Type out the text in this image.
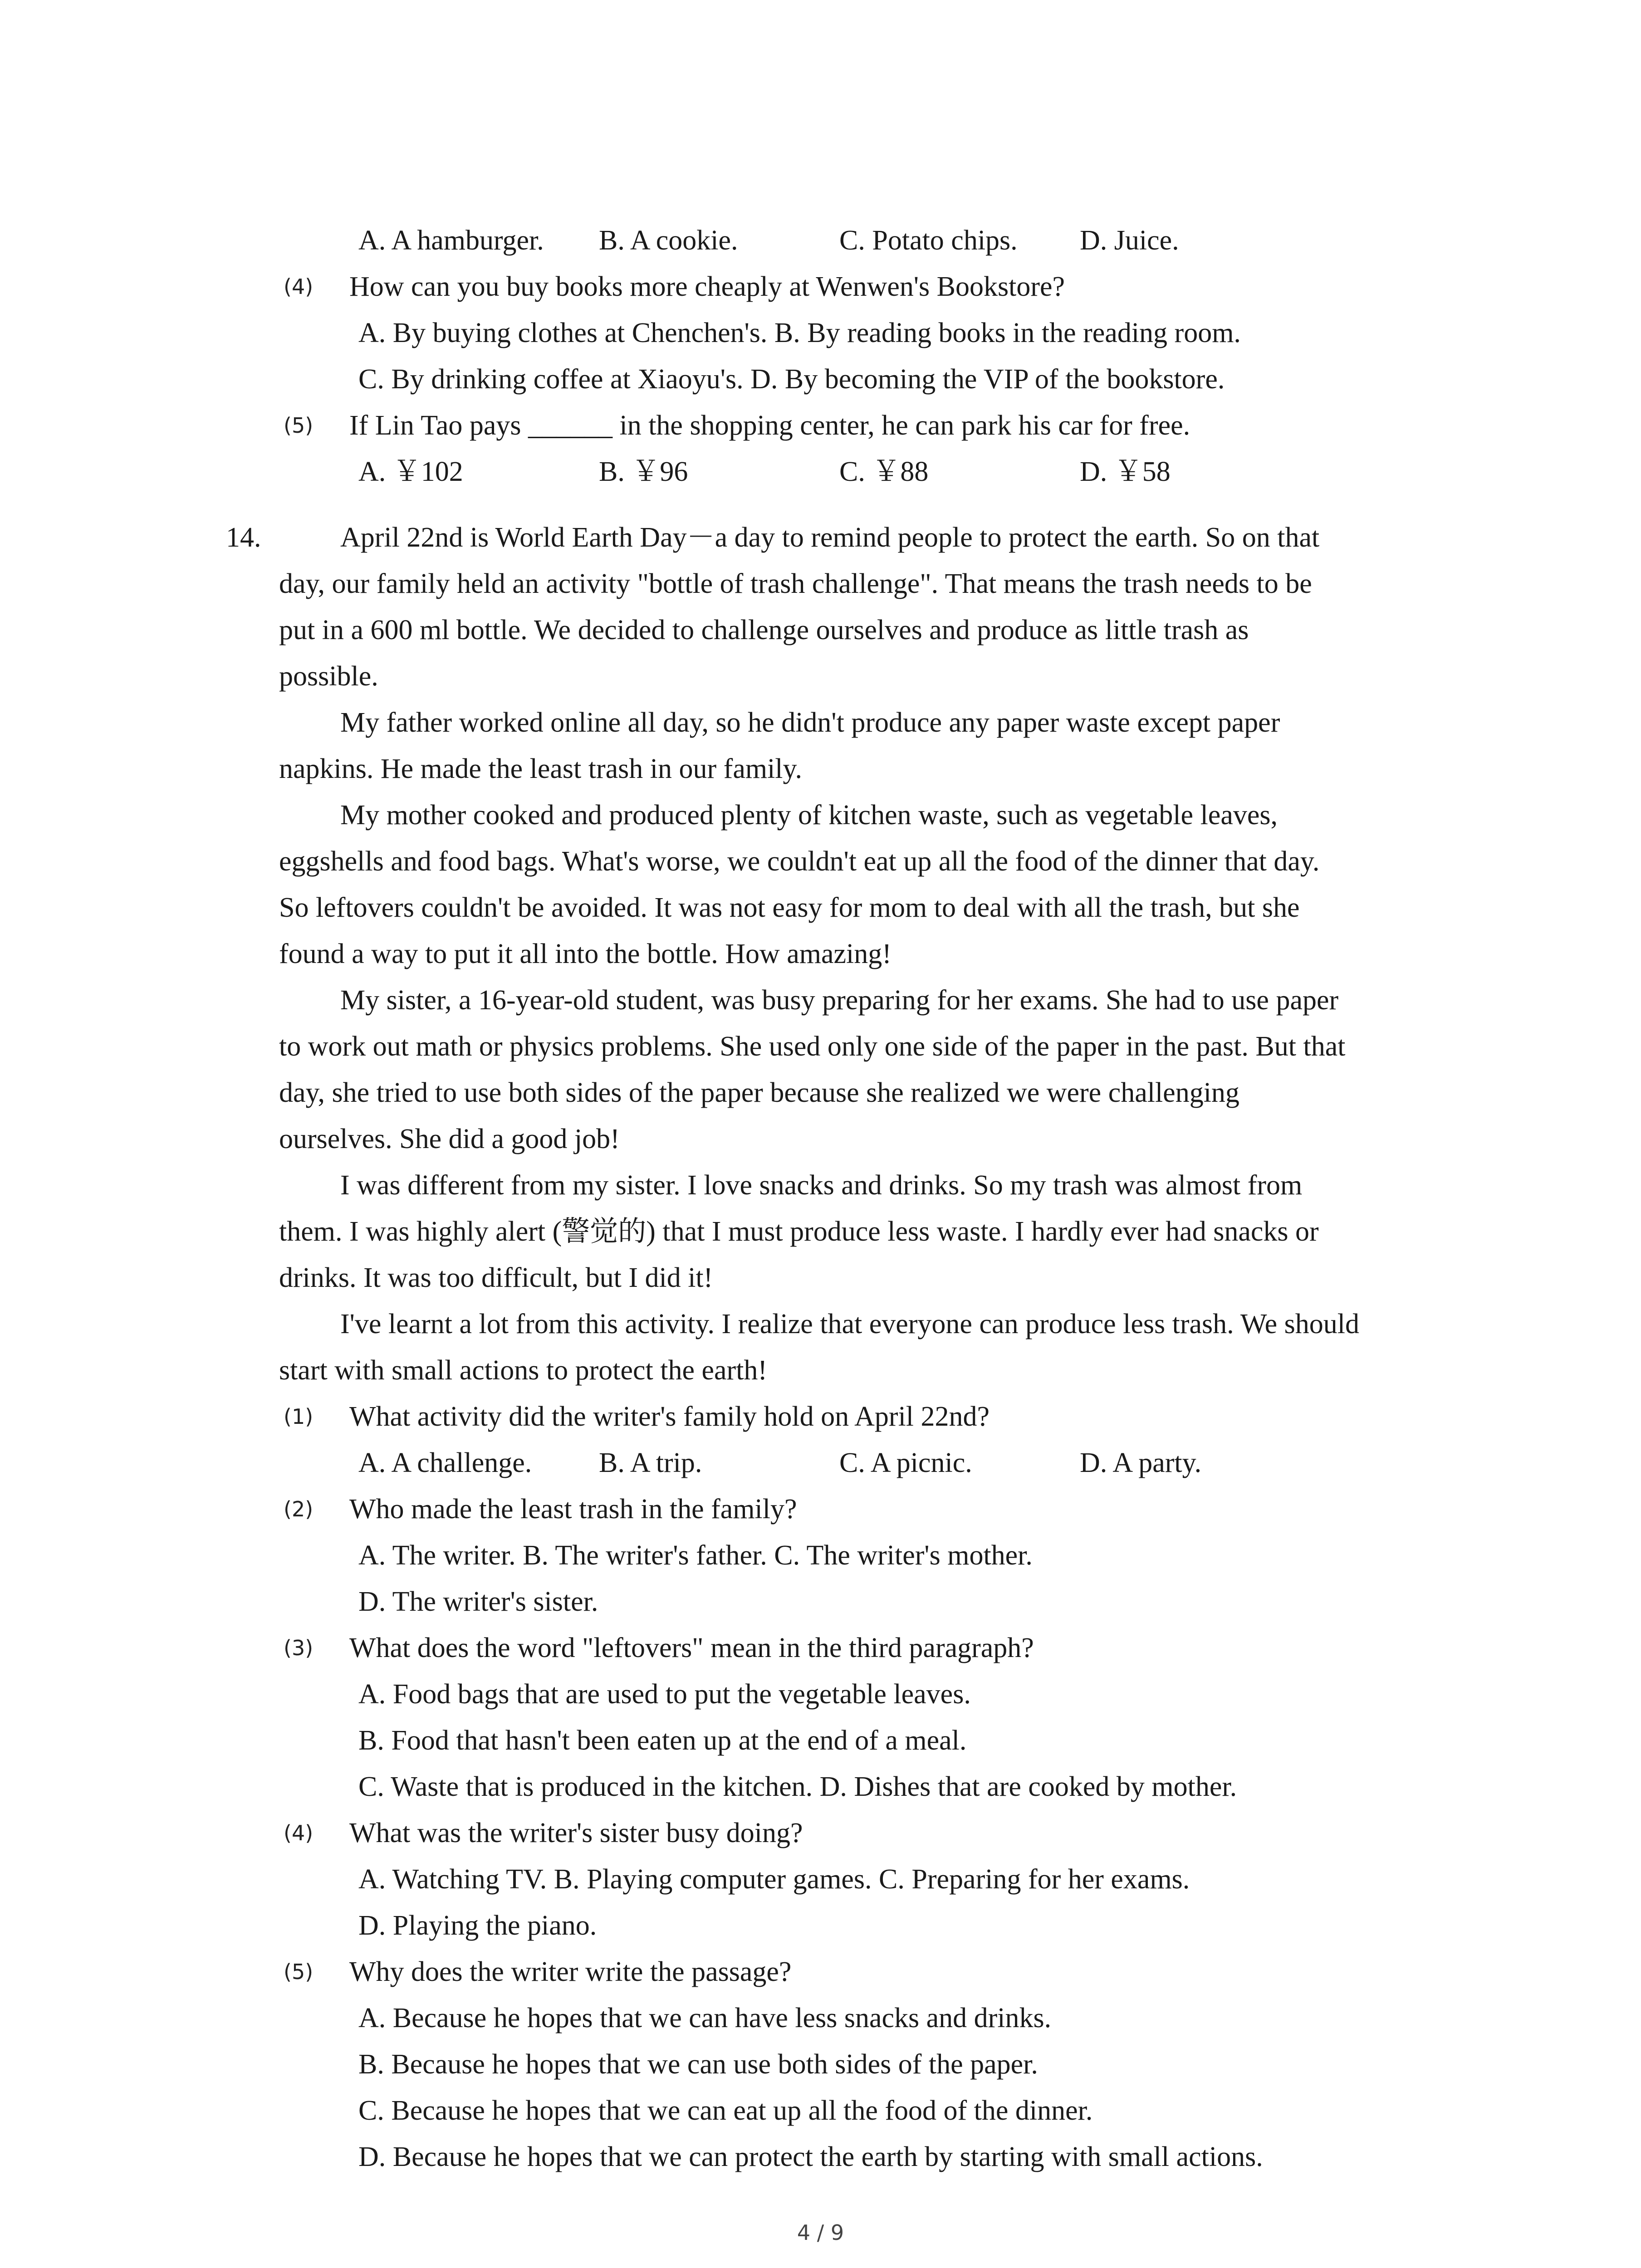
A. A hamburger. B. A cookie.	C. Potato chips. D. Juice.
(4) How can you buy books more cheaply at Wenwen's Bookstore?
A. By buying clothes at Chenchen's. B. By reading books in the reading room.
C. By drinking coffee at Xiaoyu's. D. By becoming the VIP of the bookstore.
(5) If Lin Tao pays ______ in the shopping center, he can park his car for free.
A. ￥102	B. ￥96	C. ￥88	D. ￥58
14.	April 22nd is World Earth Day－a day to remind people to protect the earth. So on that
day, our family held an activity "bottle of trash challenge". That means the trash needs to be
put in a 600 ml bottle. We decided to challenge ourselves and produce as little trash as
possible.
My father worked online all day, so he didn't produce any paper waste except paper
napkins. He made the least trash in our family.
My mother cooked and produced plenty of kitchen waste, such as vegetable leaves,
eggshells and food bags. What's worse, we couldn't eat up all the food of the dinner that day.
So leftovers couldn't be avoided. It was not easy for mom to deal with all the trash, but she
found a way to put it all into the bottle. How amazing!
My sister, a 16-year-old student, was busy preparing for her exams. She had to use paper
to work out math or physics problems. She used only one side of the paper in the past. But that
day, she tried to use both sides of the paper because she realized we were challenging
ourselves. She did a good job!
I was different from my sister. I love snacks and drinks. So my trash was almost from
them. I was highly alert (警觉的) that I must produce less waste. I hardly ever had snacks or
drinks. It was too difficult, but I did it!
I've learnt a lot from this activity. I realize that everyone can produce less trash. We should
start with small actions to protect the earth!
(1) What activity did the writer's family hold on April 22nd?
A. A challenge. B. A trip.	C. A picnic.	D. A party.
(2) Who made the least trash in the family?
A. The writer. B. The writer's father. C. The writer's mother.
D. The writer's sister.
(3) What does the word "leftovers" mean in the third paragraph?
A. Food bags that are used to put the vegetable leaves.
B. Food that hasn't been eaten up at the end of a meal.
C. Waste that is produced in the kitchen. D. Dishes that are cooked by mother.
(4) What was the writer's sister busy doing?
A. Watching TV. B. Playing computer games. C. Preparing for her exams.
D. Playing the piano.
(5) Why does the writer write the passage?
A. Because he hopes that we can have less snacks and drinks.
B. Because he hopes that we can use both sides of the paper.
C. Because he hopes that we can eat up all the food of the dinner.
D. Because he hopes that we can protect the earth by starting with small actions.
4 / 9
